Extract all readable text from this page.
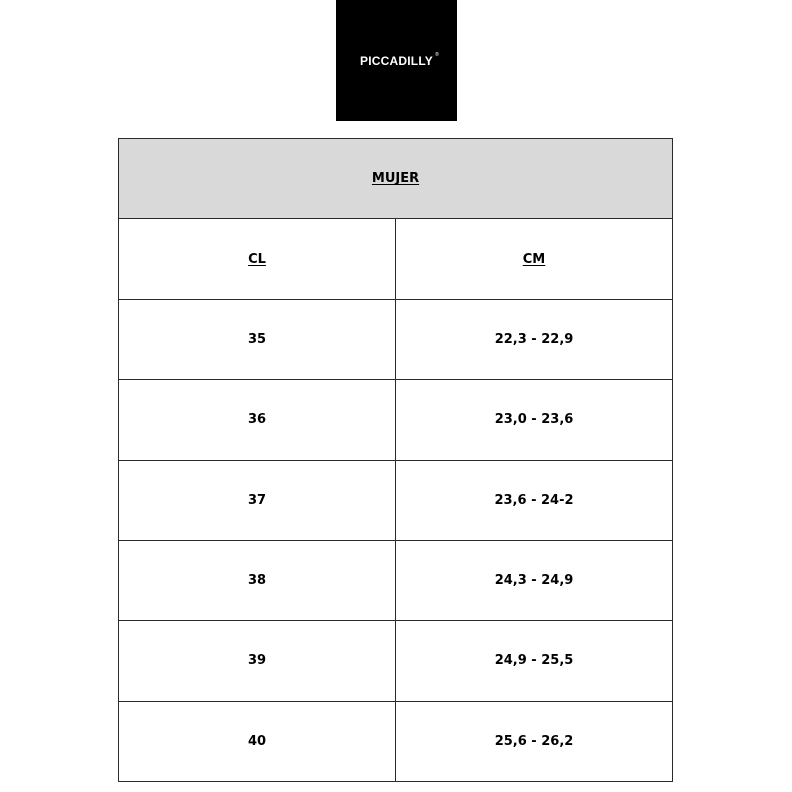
PICCADILLY ®
MUJER	
CL	CM
35	22,3 - 22,9
36	23,0 - 23,6
37	23,6 - 24-2
38	24,3 - 24,9
39	24,9 - 25,5
40	25,6 - 26,2
